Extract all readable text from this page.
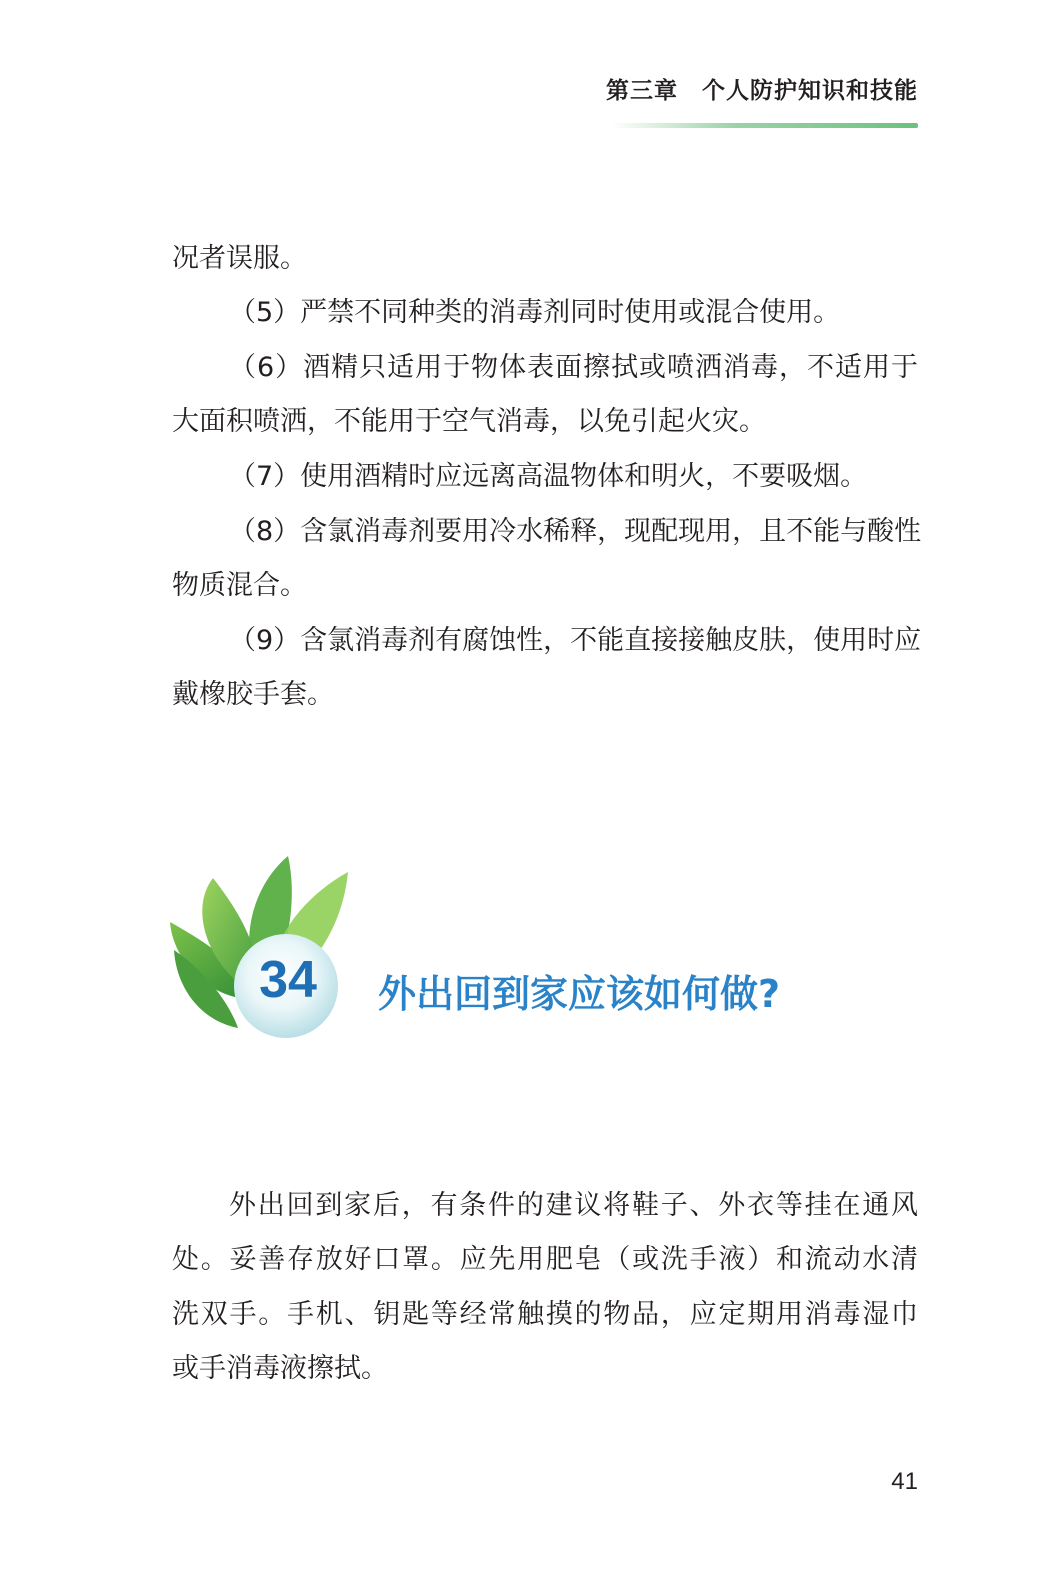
第三章　个人防护知识和技能
况者误服。
（5）严禁不同种类的消毒剂同时使用或混合使用。
（6）酒精只适用于物体表面擦拭或喷洒消毒，不适用于
大面积喷洒，不能用于空气消毒，以免引起火灾。
（7）使用酒精时应远离高温物体和明火，不要吸烟。
（8）含氯消毒剂要用冷水稀释，现配现用，且不能与酸性
物质混合。
（9）含氯消毒剂有腐蚀性，不能直接接触皮肤，使用时应
戴橡胶手套。
34 外出回到家应该如何做?
外出回到家后，有条件的建议将鞋子、外衣等挂在通风
处。妥善存放好口罩。应先用肥皂（或洗手液）和流动水清
洗双手。手机、钥匙等经常触摸的物品，应定期用消毒湿巾
或手消毒液擦拭。
41
